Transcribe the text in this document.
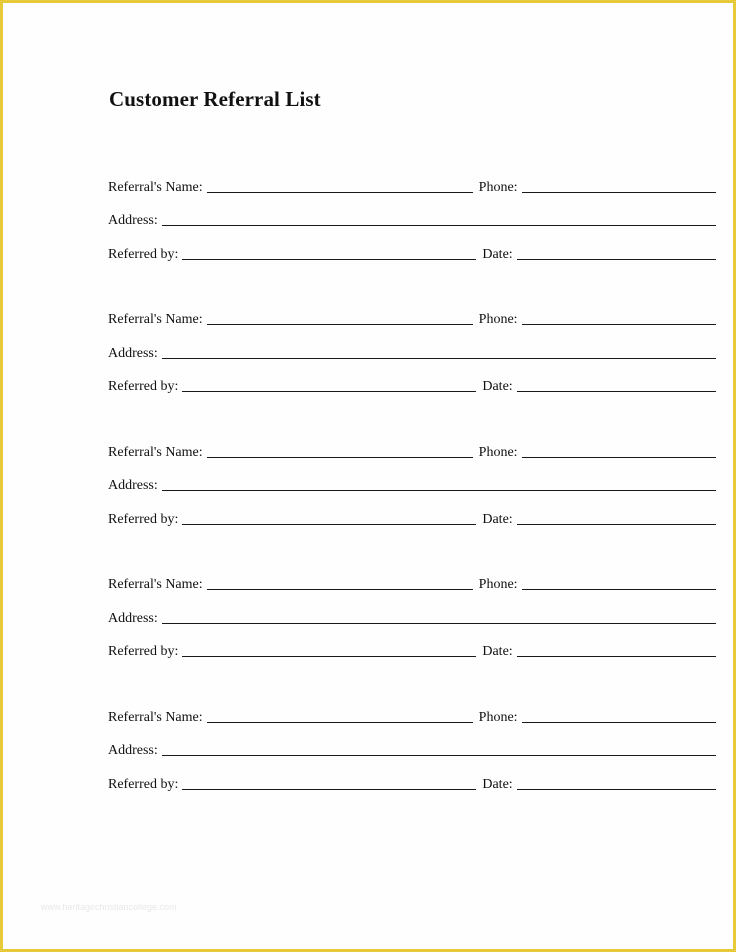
Customer Referral List
Referral's Name:	Phone:
Address:
Referred by:	Date:
Referral's Name:	Phone:
Address:
Referred by:	Date:
Referral's Name:	Phone:
Address:
Referred by:	Date:
Referral's Name:	Phone:
Address:
Referred by:	Date:
Referral's Name:	Phone:
Address:
Referred by:	Date:
www.heritagechristiancollege.com
